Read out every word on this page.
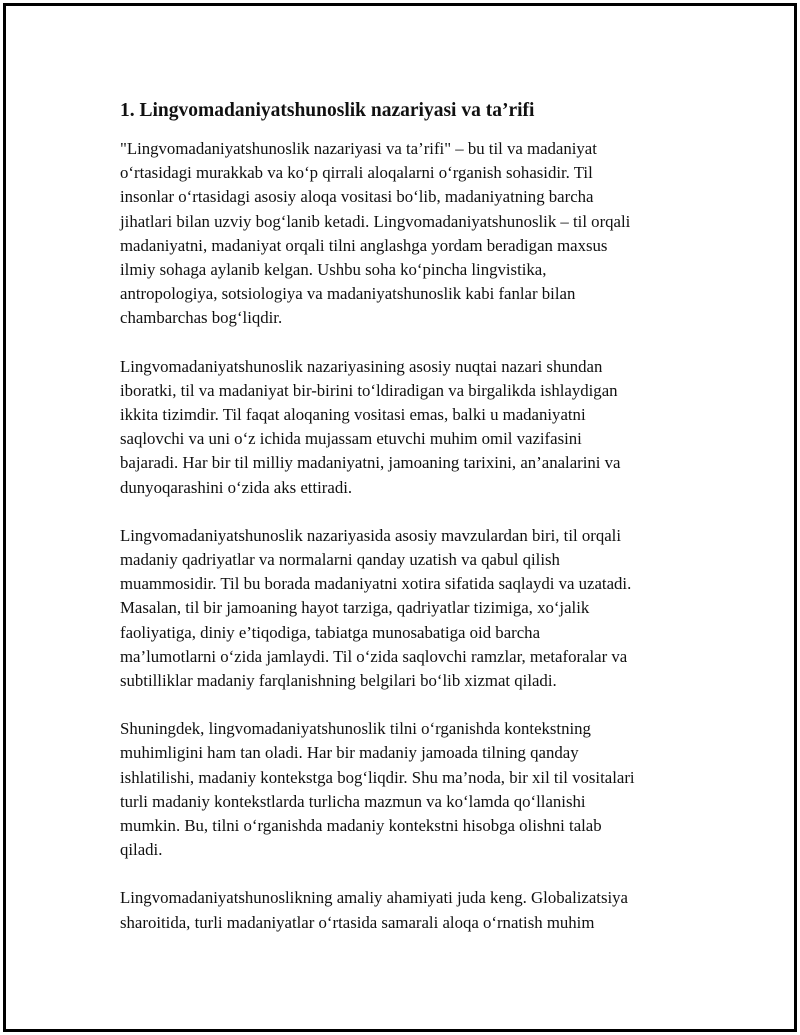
1. Lingvomadaniyatshunoslik nazariyasi va ta’rifi

"Lingvomadaniyatshunoslik nazariyasi va ta’rifi" – bu til va madaniyat
o‘rtasidagi murakkab va ko‘p qirrali aloqalarni o‘rganish sohasidir. Til
insonlar o‘rtasidagi asosiy aloqa vositasi bo‘lib, madaniyatning barcha
jihatlari bilan uzviy bog‘lanib ketadi. Lingvomadaniyatshunoslik – til orqali
madaniyatni, madaniyat orqali tilni anglashga yordam beradigan maxsus
ilmiy sohaga aylanib kelgan. Ushbu soha ko‘pincha lingvistika,
antropologiya, sotsiologiya va madaniyatshunoslik kabi fanlar bilan
chambarchas bog‘liqdir.

Lingvomadaniyatshunoslik nazariyasining asosiy nuqtai nazari shundan
iboratki, til va madaniyat bir-birini to‘ldiradigan va birgalikda ishlaydigan
ikkita tizimdir. Til faqat aloqaning vositasi emas, balki u madaniyatni
saqlovchi va uni o‘z ichida mujassam etuvchi muhim omil vazifasini
bajaradi. Har bir til milliy madaniyatni, jamoaning tarixini, an’analarini va
dunyoqarashini o‘zida aks ettiradi.

Lingvomadaniyatshunoslik nazariyasida asosiy mavzulardan biri, til orqali
madaniy qadriyatlar va normalarni qanday uzatish va qabul qilish
muammosidir. Til bu borada madaniyatni xotira sifatida saqlaydi va uzatadi.
Masalan, til bir jamoaning hayot tarziga, qadriyatlar tizimiga, xo‘jalik
faoliyatiga, diniy e’tiqodiga, tabiatga munosabatiga oid barcha
ma’lumotlarni o‘zida jamlaydi. Til o‘zida saqlovchi ramzlar, metaforalar va
subtilliklar madaniy farqlanishning belgilari bo‘lib xizmat qiladi.

Shuningdek, lingvomadaniyatshunoslik tilni o‘rganishda kontekstning
muhimligini ham tan oladi. Har bir madaniy jamoada tilning qanday
ishlatilishi, madaniy kontekstga bog‘liqdir. Shu ma’noda, bir xil til vositalari
turli madaniy kontekstlarda turlicha mazmun va ko‘lamda qo‘llanishi
mumkin. Bu, tilni o‘rganishda madaniy kontekstni hisobga olishni talab
qiladi.

Lingvomadaniyatshunoslikning amaliy ahamiyati juda keng. Globalizatsiya
sharoitida, turli madaniyatlar o‘rtasida samarali aloqa o‘rnatish muhim
